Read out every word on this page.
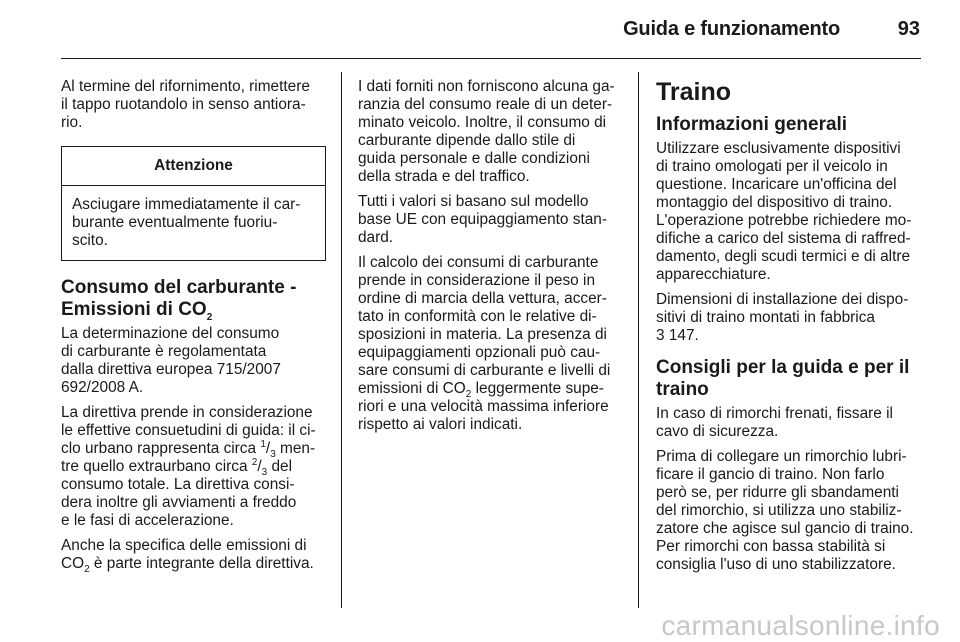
Guida e funzionamento	93

Al termine del rifornimento, rimettere
il tappo ruotandolo in senso antiora-
rio.

Attenzione
Asciugare immediatamente il car-
burante eventualmente fuoriu-
scito.
Consumo del carburante -
Emissioni di $CO_2$

La determinazione del consumo
di carburante è regolamentata
dalla direttiva europea 715/2007
692/2008 A.

La direttiva prende in considerazione
le effettive consuetudini di guida: il ci-
clo urbano rappresenta circa $^1/_3$ men-
tre quello extraurbano circa $^2/_3$ del
consumo totale. La direttiva consi-
dera inoltre gli avviamenti a freddo
e le fasi di accelerazione.

Anche la specifica delle emissioni di
$CO_2$ è parte integrante della direttiva.

I dati forniti non forniscono alcuna ga-
ranzia del consumo reale di un deter-
minato veicolo. Inoltre, il consumo di
carburante dipende dallo stile di
guida personale e dalle condizioni
della strada e del traffico.

Tutti i valori si basano sul modello
base UE con equipaggiamento stan-
dard.

Il calcolo dei consumi di carburante
prende in considerazione il peso in
ordine di marcia della vettura, accer-
tato in conformità con le relative di-
sposizioni in materia. La presenza di
equipaggiamenti opzionali può cau-
sare consumi di carburante e livelli di
emissioni di $CO_2$ leggermente supe-
riori e una velocità massima inferiore
rispetto ai valori indicati.

Traino
Informazioni generali

Utilizzare esclusivamente dispositivi
di traino omologati per il veicolo in
questione. Incaricare un'officina del
montaggio del dispositivo di traino.
L'operazione potrebbe richiedere mo-
difiche a carico del sistema di raffred-
damento, degli scudi termici e di altre
apparecchiature.

Dimensioni di installazione dei dispo-
sitivi di traino montati in fabbrica
3 147.

Consigli per la guida e per il
traino

In caso di rimorchi frenati, fissare il
cavo di sicurezza.

Prima di collegare un rimorchio lubri-
ficare il gancio di traino. Non farlo
però se, per ridurre gli sbandamenti
del rimorchio, si utilizza uno stabiliz-
zatore che agisce sul gancio di traino.
Per rimorchi con bassa stabilità si
consiglia l'uso di uno stabilizzatore.

carmanualsonline.info
